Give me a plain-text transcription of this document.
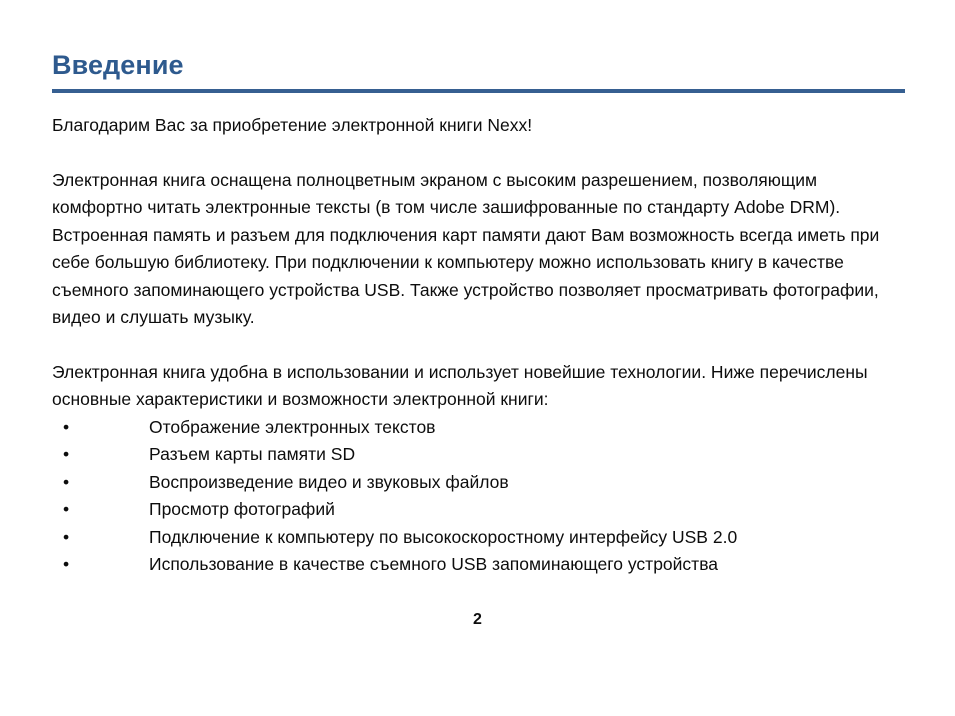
Введение

Благодарим Вас за приобретение электронной книги Nexx!

Электронная книга оснащена полноцветным экраном с высоким разрешением, позволяющим комфортно читать электронные тексты (в том числе зашифрованные по стандарту Adobe DRM). Встроенная память и разъем для подключения карт памяти дают Вам возможность всегда иметь при себе большую библиотеку. При подключении к компьютеру можно использовать книгу в качестве съемного запоминающего устройства USB. Также устройство позволяет просматривать фотографии, видео и слушать музыку.

Электронная книга удобна в использовании и использует новейшие технологии. Ниже перечислены основные характеристики и возможности электронной книги:

•	Отображение электронных текстов
•	Разъем карты памяти SD
•	Воспроизведение видео и звуковых файлов
•	Просмотр фотографий
•	Подключение к компьютеру по высокоскоростному интерфейсу USB 2.0
•	Использование в качестве съемного USB запоминающего устройства
2
